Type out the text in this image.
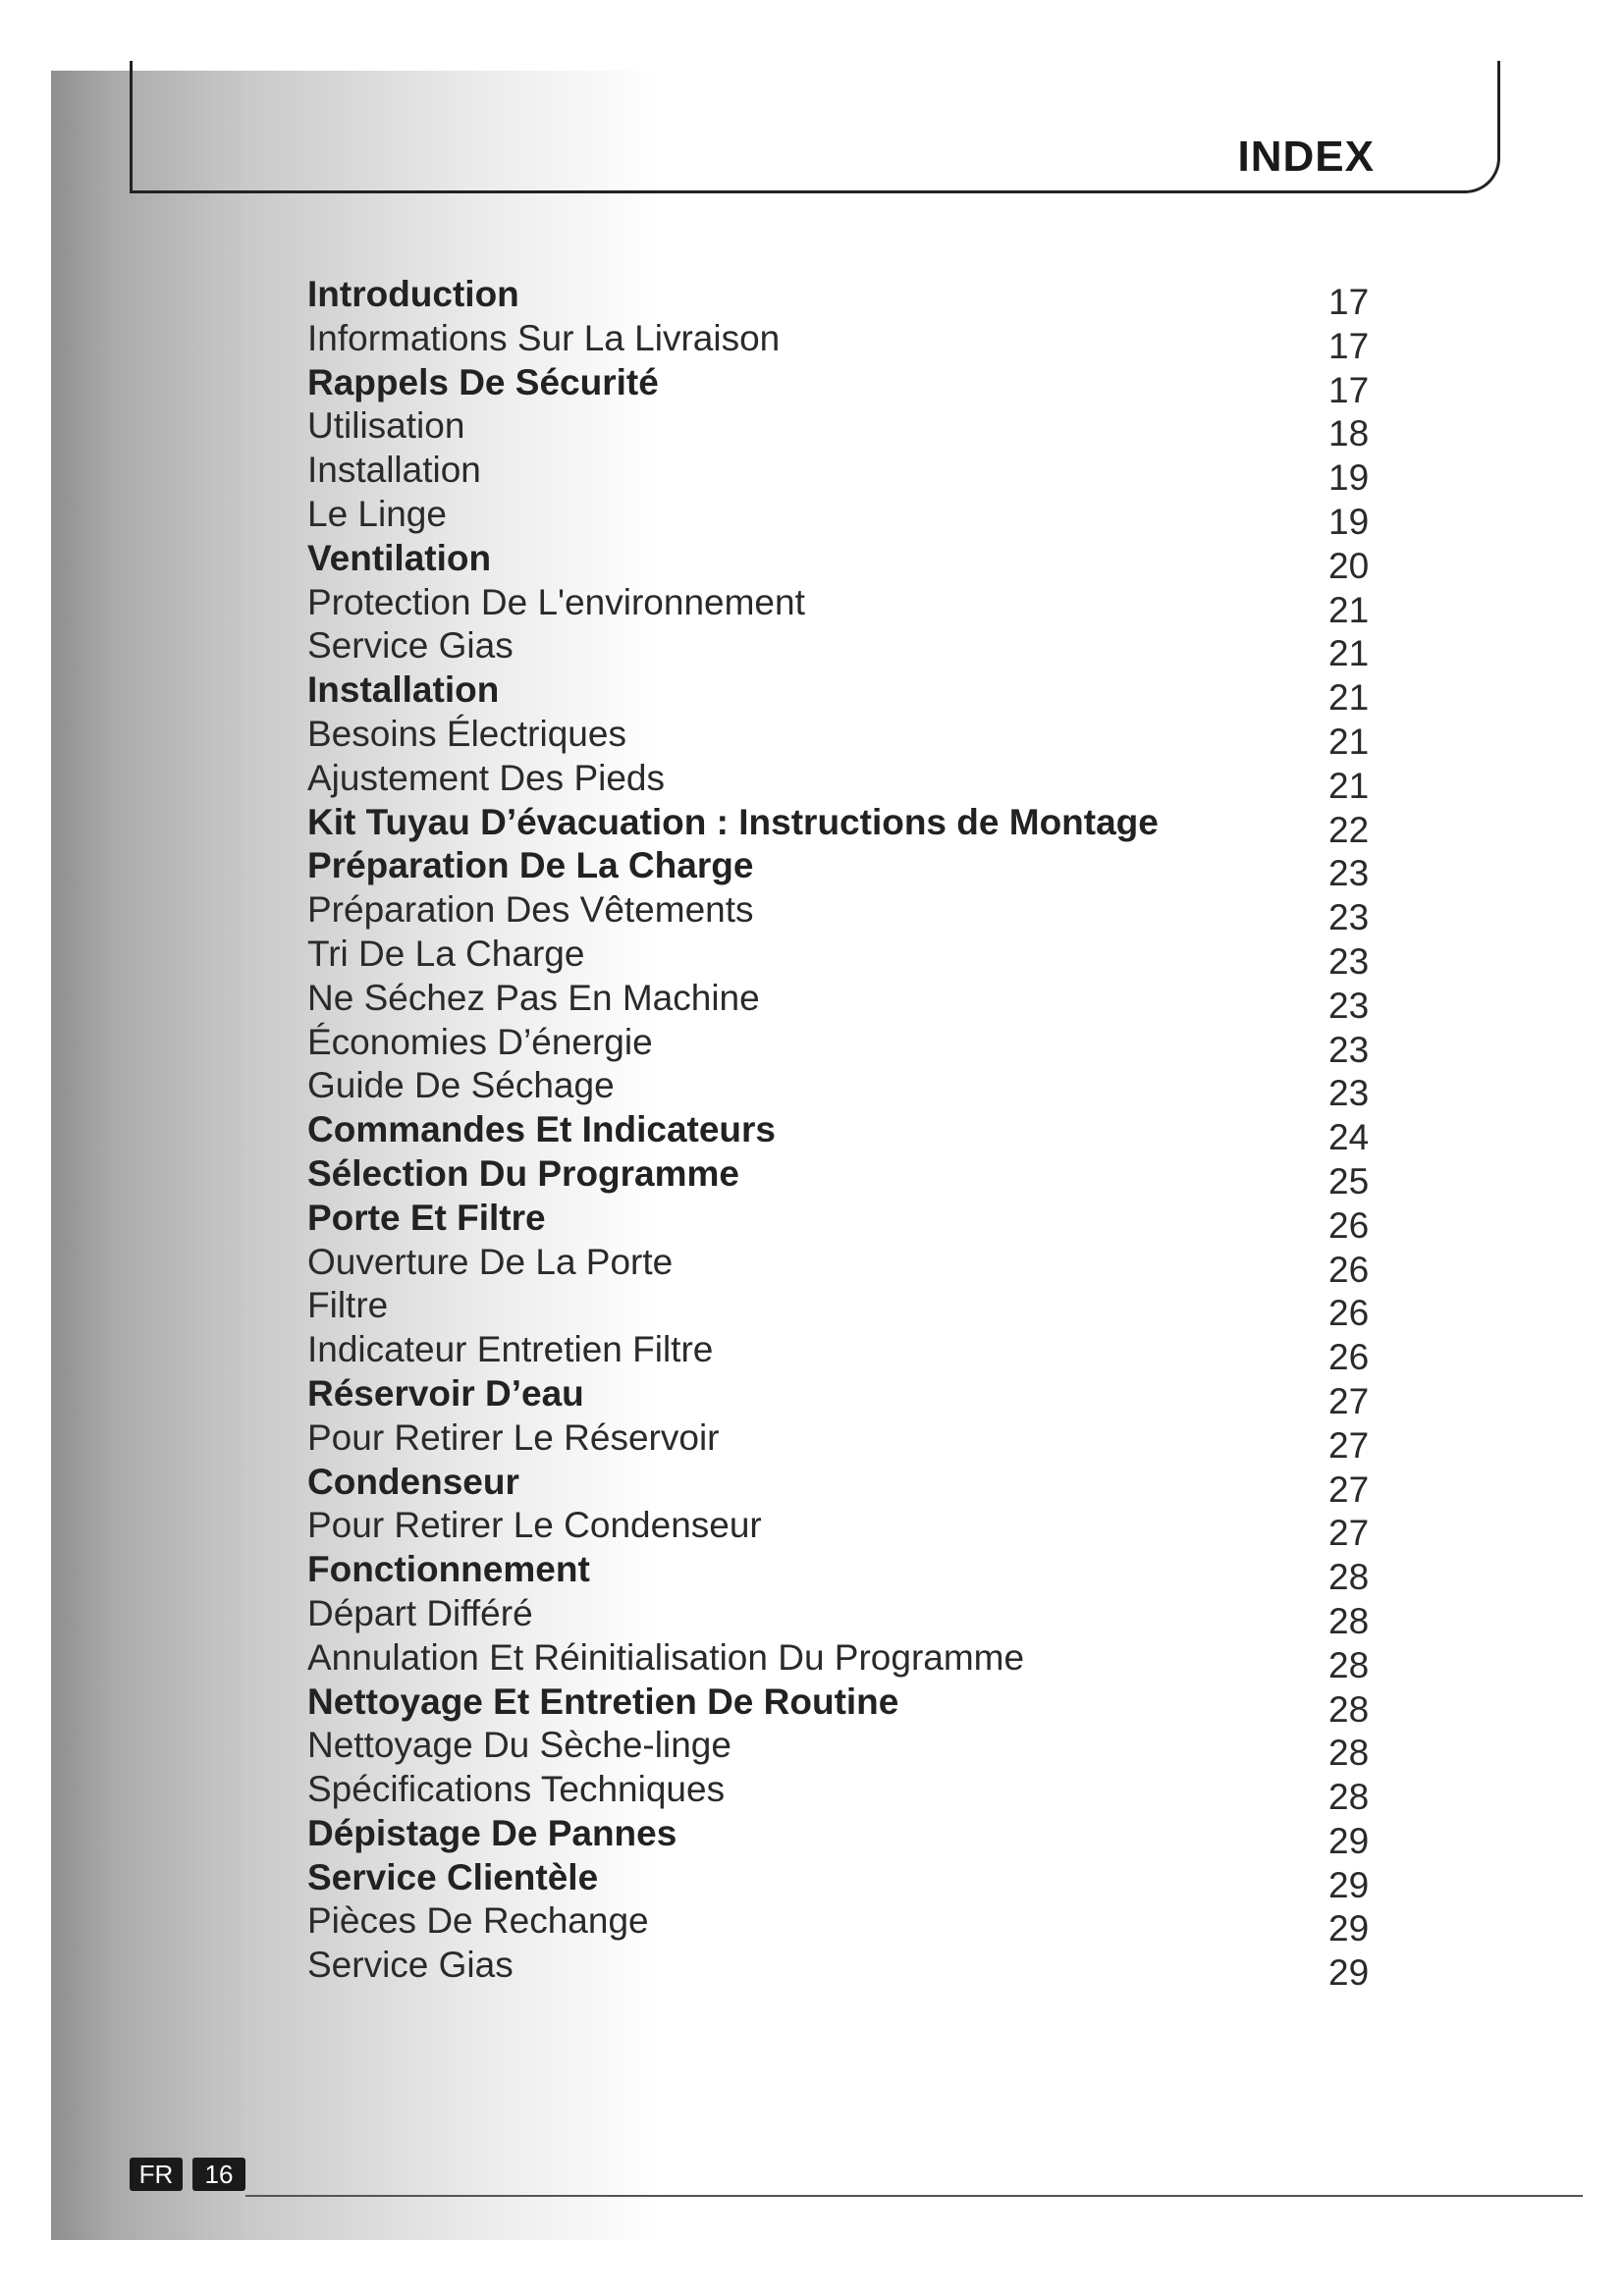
INDEX
Introduction	17
Informations Sur La Livraison	17
Rappels De Sécurité	17
Utilisation	18
Installation	19
Le Linge	19
Ventilation	20
Protection De L'environnement	21
Service Gias	21
Installation	21
Besoins Électriques	21
Ajustement Des Pieds	21
Kit Tuyau D’évacuation : Instructions de Montage	22
Préparation De La Charge	23
Préparation Des Vêtements	23
Tri De La Charge	23
Ne Séchez Pas En Machine	23
Économies D’énergie	23
Guide De Séchage	23
Commandes Et Indicateurs	24
Sélection Du Programme	25
Porte Et Filtre	26
Ouverture De La Porte	26
Filtre	26
Indicateur Entretien Filtre	26
Réservoir D’eau	27
Pour Retirer Le Réservoir	27
Condenseur	27
Pour Retirer Le Condenseur	27
Fonctionnement	28
Départ Différé	28
Annulation Et Réinitialisation Du Programme	28
Nettoyage Et Entretien De Routine	28
Nettoyage Du Sèche-linge	28
Spécifications Techniques	28
Dépistage De Pannes	29
Service Clientèle	29
Pièces De Rechange	29
Service Gias	29
FR	16
